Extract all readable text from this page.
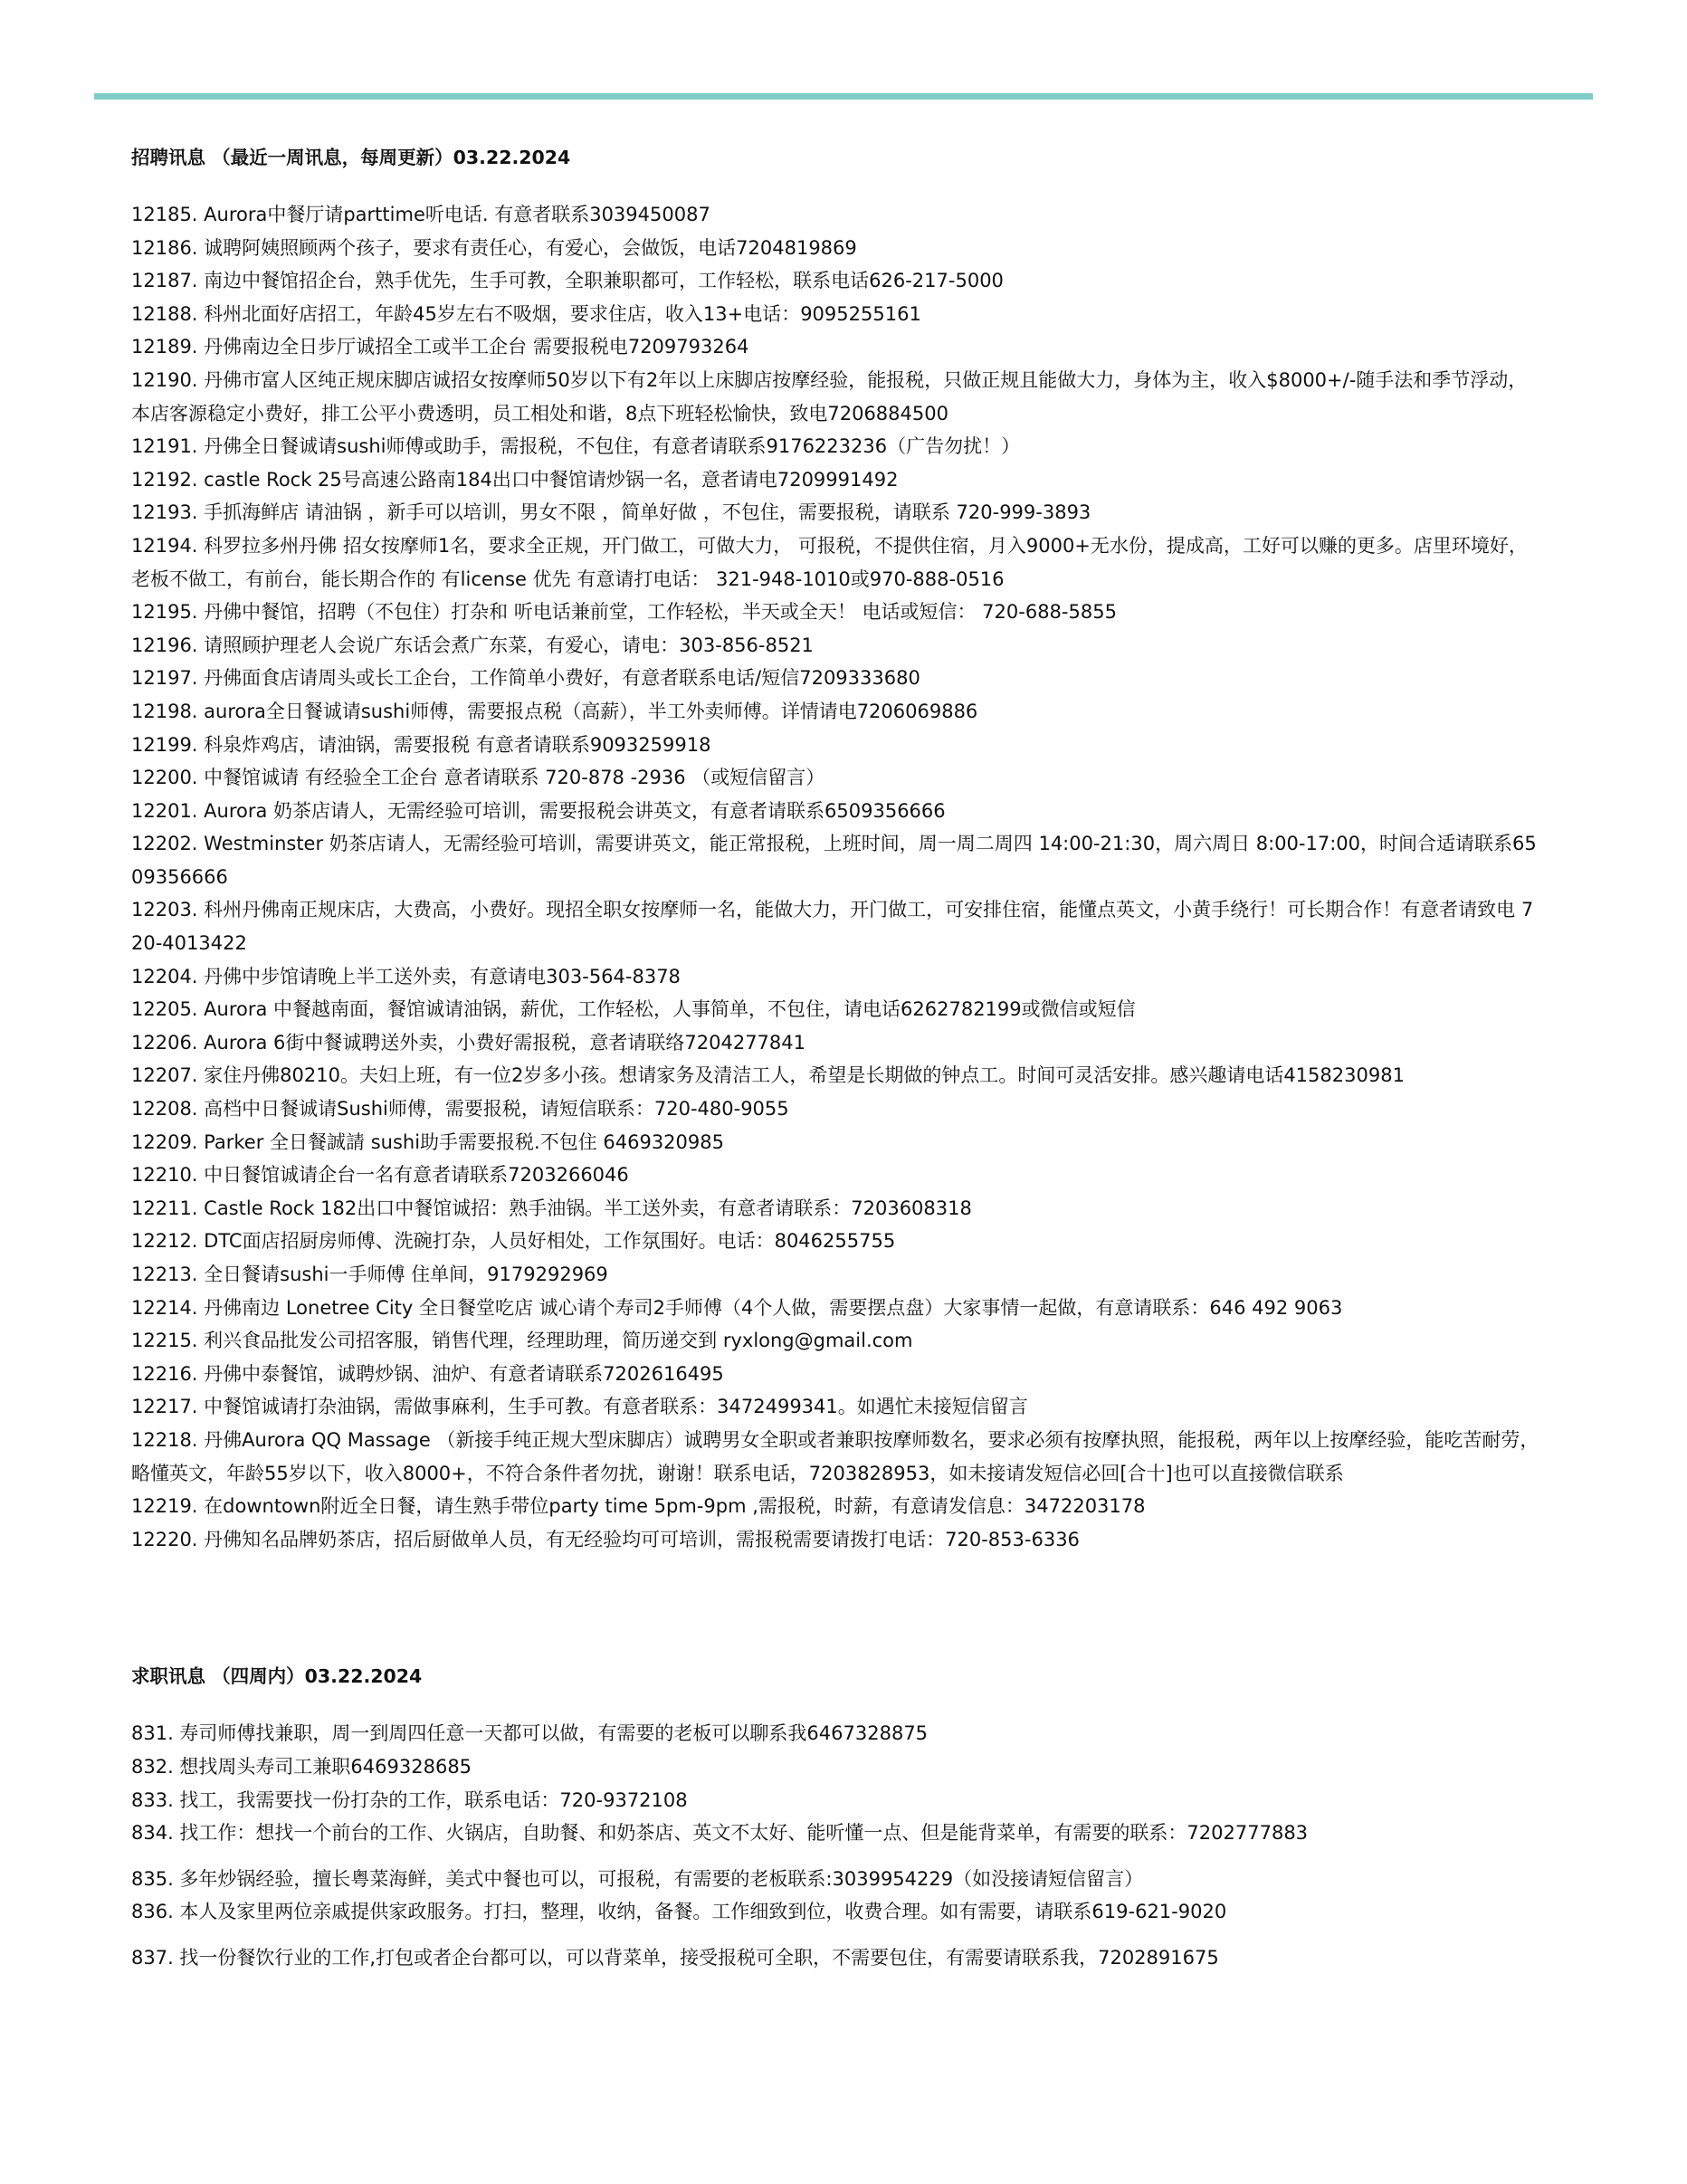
招聘讯息 （最近一周讯息，每周更新）03.22.2024
12185. Aurora中餐厅请parttime听电话. 有意者联系3039450087
12186. 诚聘阿姨照顾两个孩子，要求有责任心，有爱心，会做饭，电话7204819869
12187. 南边中餐馆招企台，熟手优先，生手可教，全职兼职都可，工作轻松，联系电话626-217-5000
12188. 科州北面好店招工，年龄45岁左右不吸烟，要求住店，收入13+电话：9095255161
12189. 丹佛南边全日步厅诚招全工或半工企台 需要报税电7209793264
12190. 丹佛市富人区纯正规床脚店诚招女按摩师50岁以下有2年以上床脚店按摩经验，能报税，只做正规且能做大力，身体为主，收入$8000+/-随手法和季节浮动，本店客源稳定小费好，排工公平小费透明，员工相处和谐，8点下班轻松愉快，致电7206884500
12191. 丹佛全日餐诚请sushi师傅或助手，需报税，不包住，有意者请联系9176223236（广告勿扰！）
12192. castle Rock 25号高速公路南184出口中餐馆请炒锅一名，意者请电7209991492
12193. 手抓海鲜店 请油锅 ，新手可以培训，男女不限 ，简单好做 ，不包住，需要报税，请联系 720-999-3893
12194. 科罗拉多州丹佛 招女按摩师1名，要求全正规，开门做工，可做大力， 可报税，不提供住宿，月入9000+无水份，提成高，工好可以赚的更多。店里环境好，老板不做工，有前台，能长期合作的 有license 优先 有意请打电话： 321-948-1010或970-888-0516
12195. 丹佛中餐馆，招聘（不包住）打杂和 听电话兼前堂，工作轻松，半天或全天！ 电话或短信： 720-688-5855
12196. 请照顾护理老人会说广东话会煮广东菜，有爱心，请电：303-856-8521
12197. 丹佛面食店请周头或长工企台，工作简单小费好，有意者联系电话/短信7209333680
12198. aurora全日餐诚请sushi师傅，需要报点税（高薪），半工外卖师傅。详情请电7206069886
12199. 科泉炸鸡店，请油锅，需要报税 有意者请联系9093259918
12200. 中餐馆诚请 有经验全工企台 意者请联系 720-878 -2936 （或短信留言）
12201. Aurora 奶茶店请人，无需经验可培训，需要报税会讲英文，有意者请联系6509356666
12202. Westminster 奶茶店请人，无需经验可培训，需要讲英文，能正常报税，上班时间，周一周二周四 14:00-21:30，周六周日 8:00-17:00，时间合适请联系6509356666
12203. 科州丹佛南正规床店，大费高，小费好。现招全职女按摩师一名，能做大力，开门做工，可安排住宿，能懂点英文，小黄手绕行！可长期合作！有意者请致电 720-4013422
12204. 丹佛中步馆请晚上半工送外卖，有意请电303-564-8378
12205. Aurora 中餐越南面，餐馆诚请油锅，薪优，工作轻松，人事简单，不包住，请电话6262782199或微信或短信
12206. Aurora 6街中餐诚聘送外卖，小费好需报税，意者请联络7204277841
12207. 家住丹佛80210。夫妇上班，有一位2岁多小孩。想请家务及清洁工人，希望是长期做的钟点工。时间可灵活安排。感兴趣请电话4158230981
12208. 高档中日餐诚请Sushi师傅，需要报税，请短信联系：720-480-9055
12209. Parker 全日餐誠請 sushi助手需要报税.不包住 6469320985
12210. 中日餐馆诚请企台一名有意者请联系7203266046
12211. Castle Rock 182出口中餐馆诚招：熟手油锅。半工送外卖，有意者请联系：7203608318
12212. DTC面店招厨房师傅、洗碗打杂，人员好相处，工作氛围好。电话：8046255755
12213. 全日餐请sushi一手师傅 住单间，9179292969
12214. 丹佛南边 Lonetree City 全日餐堂吃店 诚心请个寿司2手师傅（4个人做，需要摆点盘）大家事情一起做，有意请联系：646 492 9063
12215. 利兴食品批发公司招客服，销售代理，经理助理，简历递交到 ryxlong@gmail.com
12216. 丹佛中泰餐馆，诚聘炒锅、油炉、有意者请联系7202616495
12217. 中餐馆诚请打杂油锅，需做事麻利，生手可教。有意者联系：3472499341。如遇忙未接短信留言
12218. 丹佛Aurora QQ Massage （新接手纯正规大型床脚店）诚聘男女全职或者兼职按摩师数名，要求必须有按摩执照，能报税，两年以上按摩经验，能吃苦耐劳，略懂英文，年龄55岁以下，收入8000+，不符合条件者勿扰，谢谢！联系电话，7203828953，如未接请发短信必回[合十]也可以直接微信联系
12219. 在downtown附近全日餐，请生熟手带位party time 5pm-9pm ,需报税，时薪，有意请发信息：3472203178
12220. 丹佛知名品牌奶茶店，招后厨做单人员，有无经验均可可培训，需报税需要请拨打电话：720-853-6336
求职讯息 （四周内）03.22.2024
831. 寿司师傅找兼职，周一到周四任意一天都可以做，有需要的老板可以聊系我6467328875
832. 想找周头寿司工兼职6469328685
833. 找工，我需要找一份打杂的工作，联系电话：720-9372108
834. 找工作：想找一个前台的工作、火锅店，自助餐、和奶茶店、英文不太好、能听懂一点、但是能背菜单，有需要的联系：7202777883
835. 多年炒锅经验，擅长粤菜海鲜，美式中餐也可以，可报税，有需要的老板联系:3039954229（如没接请短信留言）
836. 本人及家里两位亲戚提供家政服务。打扫，整理，收纳，备餐。工作细致到位，收费合理。如有需要，请联系619-621-9020
837. 找一份餐饮行业的工作,打包或者企台都可以，可以背菜单，接受报税可全职，不需要包住，有需要请联系我，7202891675
